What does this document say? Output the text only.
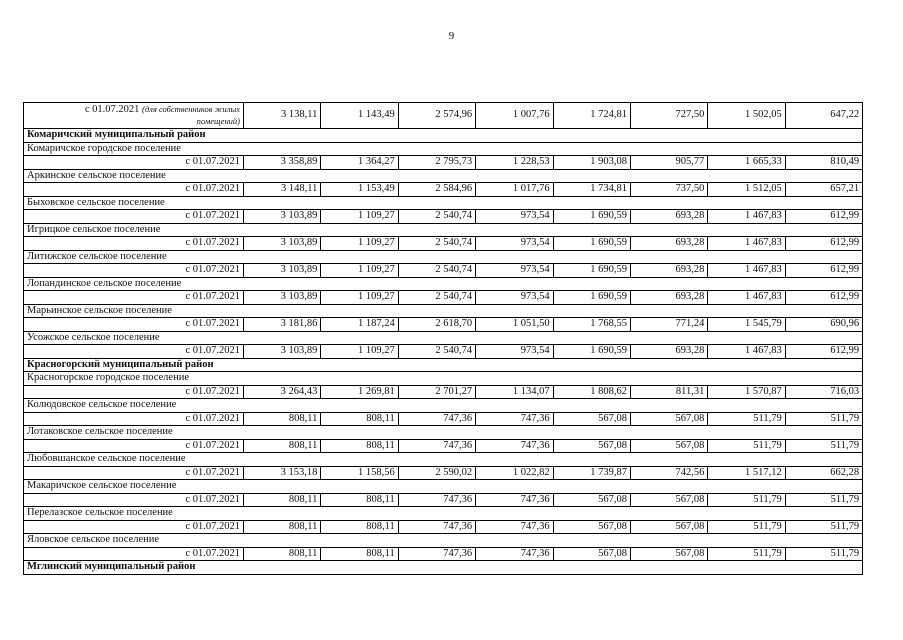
9
с 01.07.2021 (для собственников жилых
помещений)	3 138,11	1 143,49	2 574,96	1 007,76	1 724,81	727,50	1 502,05	647,22
Комаричский муниципальный район								
Комаричское городское поселение								
с 01.07.2021	3 358,89	1 364,27	2 795,73	1 228,53	1 903,08	905,77	1 665,33	810,49
Аркинское сельское поселение								
с 01.07.2021	3 148,11	1 153,49	2 584,96	1 017,76	1 734,81	737,50	1 512,05	657,21
Быховское сельское поселение								
с 01.07.2021	3 103,89	1 109,27	2 540,74	973,54	1 690,59	693,28	1 467,83	612,99
Игрицкое сельское поселение								
с 01.07.2021	3 103,89	1 109,27	2 540,74	973,54	1 690,59	693,28	1 467,83	612,99
Литижское сельское поселение								
с 01.07.2021	3 103,89	1 109,27	2 540,74	973,54	1 690,59	693,28	1 467,83	612,99
Лопандинское сельское поселение								
с 01.07.2021	3 103,89	1 109,27	2 540,74	973,54	1 690,59	693,28	1 467,83	612,99
Марьинское сельское поселение								
с 01.07.2021	3 181,86	1 187,24	2 618,70	1 051,50	1 768,55	771,24	1 545,79	690,96
Усожское сельское поселение								
с 01.07.2021	3 103,89	1 109,27	2 540,74	973,54	1 690,59	693,28	1 467,83	612,99
Красногорский муниципальный район								
Красногорское городское поселение								
с 01.07.2021	3 264,43	1 269,81	2 701,27	1 134,07	1 808,62	811,31	1 570,87	716,03
Колюдовское сельское поселение								
с 01.07.2021	808,11	808,11	747,36	747,36	567,08	567,08	511,79	511,79
Лотаковское сельское поселение								
с 01.07.2021	808,11	808,11	747,36	747,36	567,08	567,08	511,79	511,79
Любовшанское сельское поселение								
с 01.07.2021	3 153,18	1 158,56	2 590,02	1 022,82	1 739,87	742,56	1 517,12	662,28
Макаричское сельское поселение								
с 01.07.2021	808,11	808,11	747,36	747,36	567,08	567,08	511,79	511,79
Перелазское сельское поселение								
с 01.07.2021	808,11	808,11	747,36	747,36	567,08	567,08	511,79	511,79
Яловское сельское поселение								
с 01.07.2021	808,11	808,11	747,36	747,36	567,08	567,08	511,79	511,79
Мглинский муниципальный район								
